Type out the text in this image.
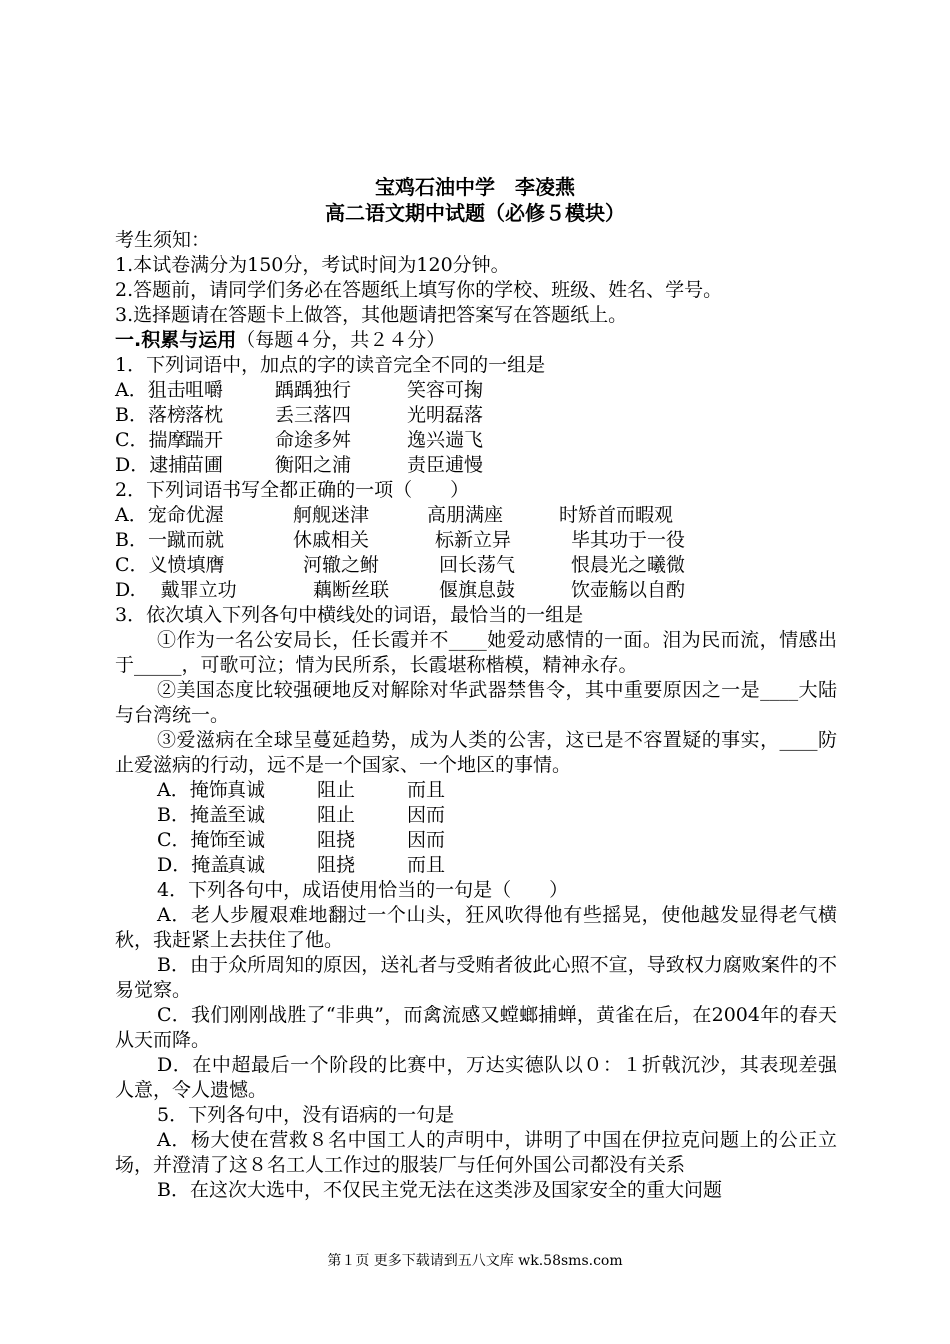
宝鸡石油中学　李凌燕
高二语文期中试题（必修５模块）
考生须知：
1.本试卷满分为150分，考试时间为120分钟。
2.答题前，请同学们务必在答题纸上填写你的学校、班级、姓名、学号。
3.选择题请在答题卡上做答，其他题请把答案写在答题纸上。
一.积累与运用（每题４分，共２４分）
1．下列词语中，加点的字的读音完全不同的一组是
A．狙击咀嚼	踽踽独行	笑容可掬
B．落榜落枕	丢三落四	光明磊落
C．揣摩踹开	命途多舛	逸兴遄飞
D．逮捕苗圃	衡阳之浦	责臣逋慢
2．下列词语书写全都正确的一项（　　）
A．宠命优渥	舸舰迷津	高朋满座	时矫首而暇观
B．一蹴而就	休戚相关	标新立异	毕其功于一役
C．义愤填膺	河辙之鲋	回长荡气	恨晨光之曦微
D.　 戴罪立功	藕断丝联	偃旗息鼓	饮壶觞以自酌
3．依次填入下列各句中横线处的词语，最恰当的一组是
①作为一名公安局长，任长霞并不____她爱动感情的一面。泪为民而流，情感出于_____，可歌可泣；情为民所系，长霞堪称楷模，精神永存。
②美国态度比较强硬地反对解除对华武器禁售令，其中重要原因之一是____大陆与台湾统一。
③爱滋病在全球呈蔓延趋势，成为人类的公害，这已是不容置疑的事实，____防止爱滋病的行动，远不是一个国家、一个地区的事情。
A．掩饰真诚	阻止	而且
B．掩盖至诚	阻止	因而
C．掩饰至诚	阻挠	因而
D．掩盖真诚	阻挠	而且
4．下列各句中，成语使用恰当的一句是（　　）
A．老人步履艰难地翻过一个山头，狂风吹得他有些摇晃，使他越发显得老气横秋，我赶紧上去扶住了他。
B．由于众所周知的原因，送礼者与受贿者彼此心照不宣，导致权力腐败案件的不易觉察。
C．我们刚刚战胜了“非典”，而禽流感又螳螂捕蝉，黄雀在后，在2004年的春天从天而降。
D．在中超最后一个阶段的比赛中，万达实德队以０：１折戟沉沙，其表现差强人意，令人遗憾。
5．下列各句中，没有语病的一句是
A．杨大使在营救８名中国工人的声明中，讲明了中国在伊拉克问题上的公正立场，并澄清了这８名工人工作过的服装厂与任何外国公司都没有关系
B．在这次大选中，不仅民主党无法在这类涉及国家安全的重大问题
第１页 更多下载请到五八文库 wk.58sms.com
